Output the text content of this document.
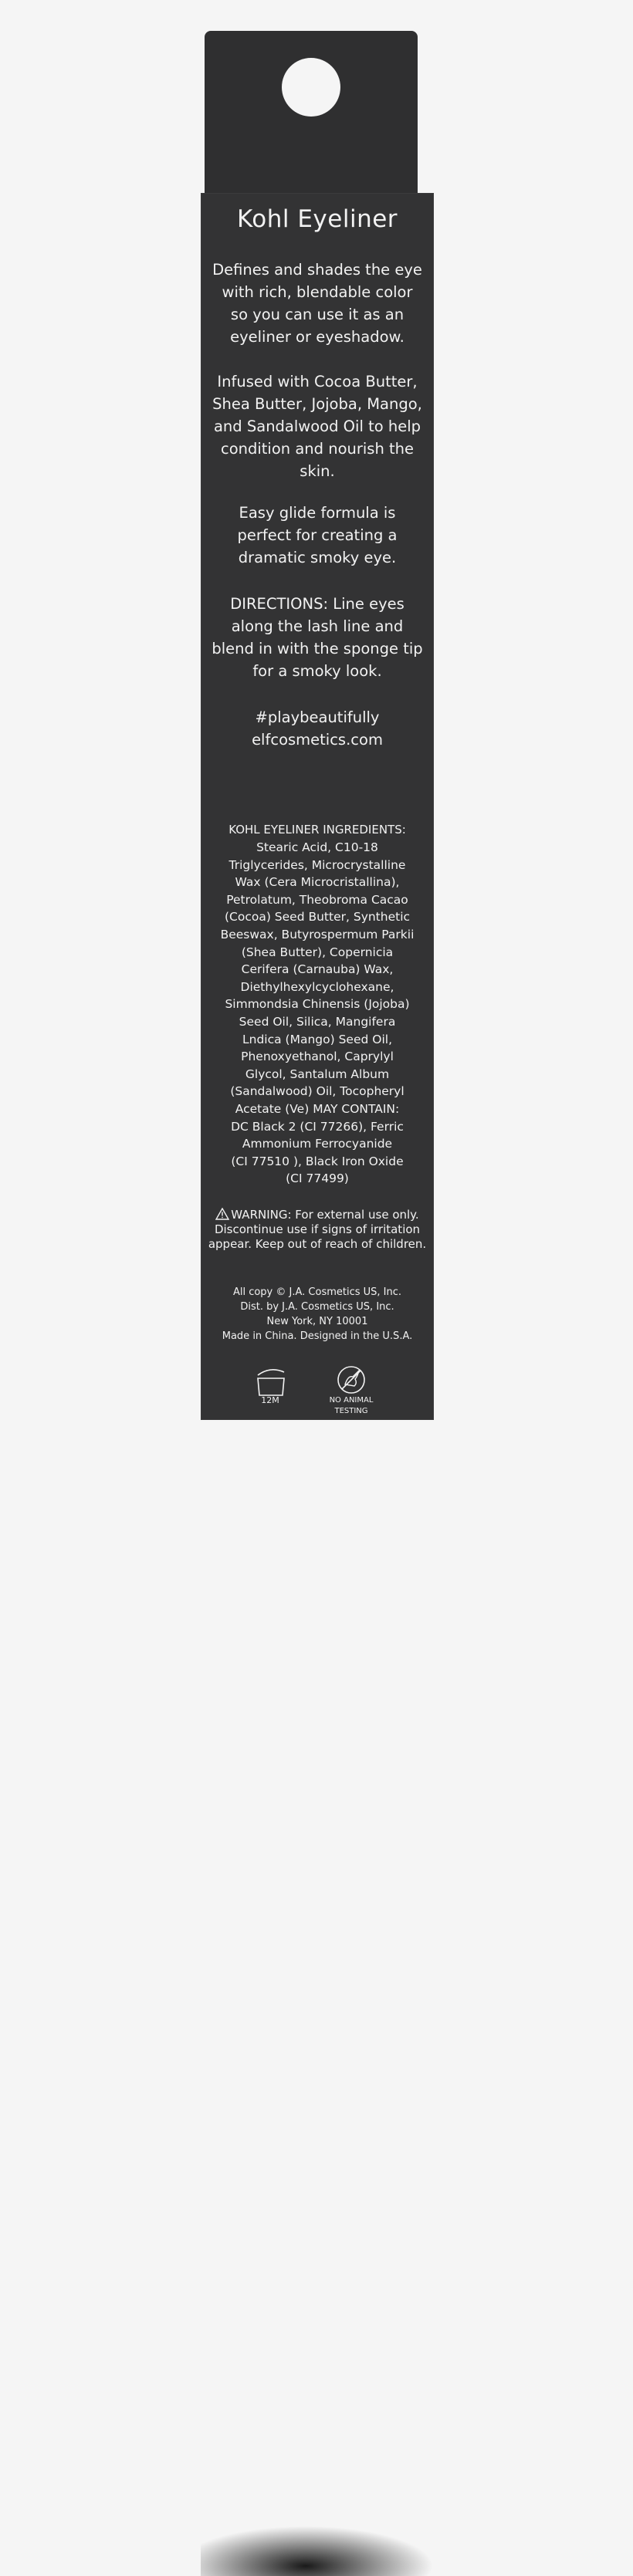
Kohl Eyeliner
Defines and shades the eye with rich, blendable color so you can use it as an eyeliner or eyeshadow.
Infused with Cocoa Butter, Shea Butter, Jojoba, Mango, and Sandalwood Oil to help condition and nourish the skin.
Easy glide formula is perfect for creating a dramatic smoky eye.
DIRECTIONS: Line eyes along the lash line and blend in with the sponge tip for a smoky look.
#playbeautifully
elfcosmetics.com
KOHL EYELINER INGREDIENTS:
Stearic Acid, C10-18
Triglycerides, Microcrystalline
Wax (Cera Microcristallina),
Petrolatum, Theobroma Cacao
(Cocoa) Seed Butter, Synthetic
Beeswax, Butyrospermum Parkii
(Shea Butter), Copernicia
Cerifera (Carnauba) Wax,
Diethylhexylcyclohexane,
Simmondsia Chinensis (Jojoba)
Seed Oil, Silica, Mangifera
Lndica (Mango) Seed Oil,
Phenoxyethanol, Caprylyl
Glycol, Santalum Album
(Sandalwood) Oil, Tocopheryl
Acetate (Ve) MAY CONTAIN:
DC Black 2 (CI 77266), Ferric
Ammonium Ferrocyanide
(CI 77510 ), Black Iron Oxide
(CI 77499)
WARNING: For external use only. Discontinue use if signs of irritation appear. Keep out of reach of children.
All copy © J.A. Cosmetics US, Inc.
Dist. by J.A. Cosmetics US, Inc.
New York, NY 10001
Made in China. Designed in the U.S.A.
12M	NO ANIMAL
TESTING
